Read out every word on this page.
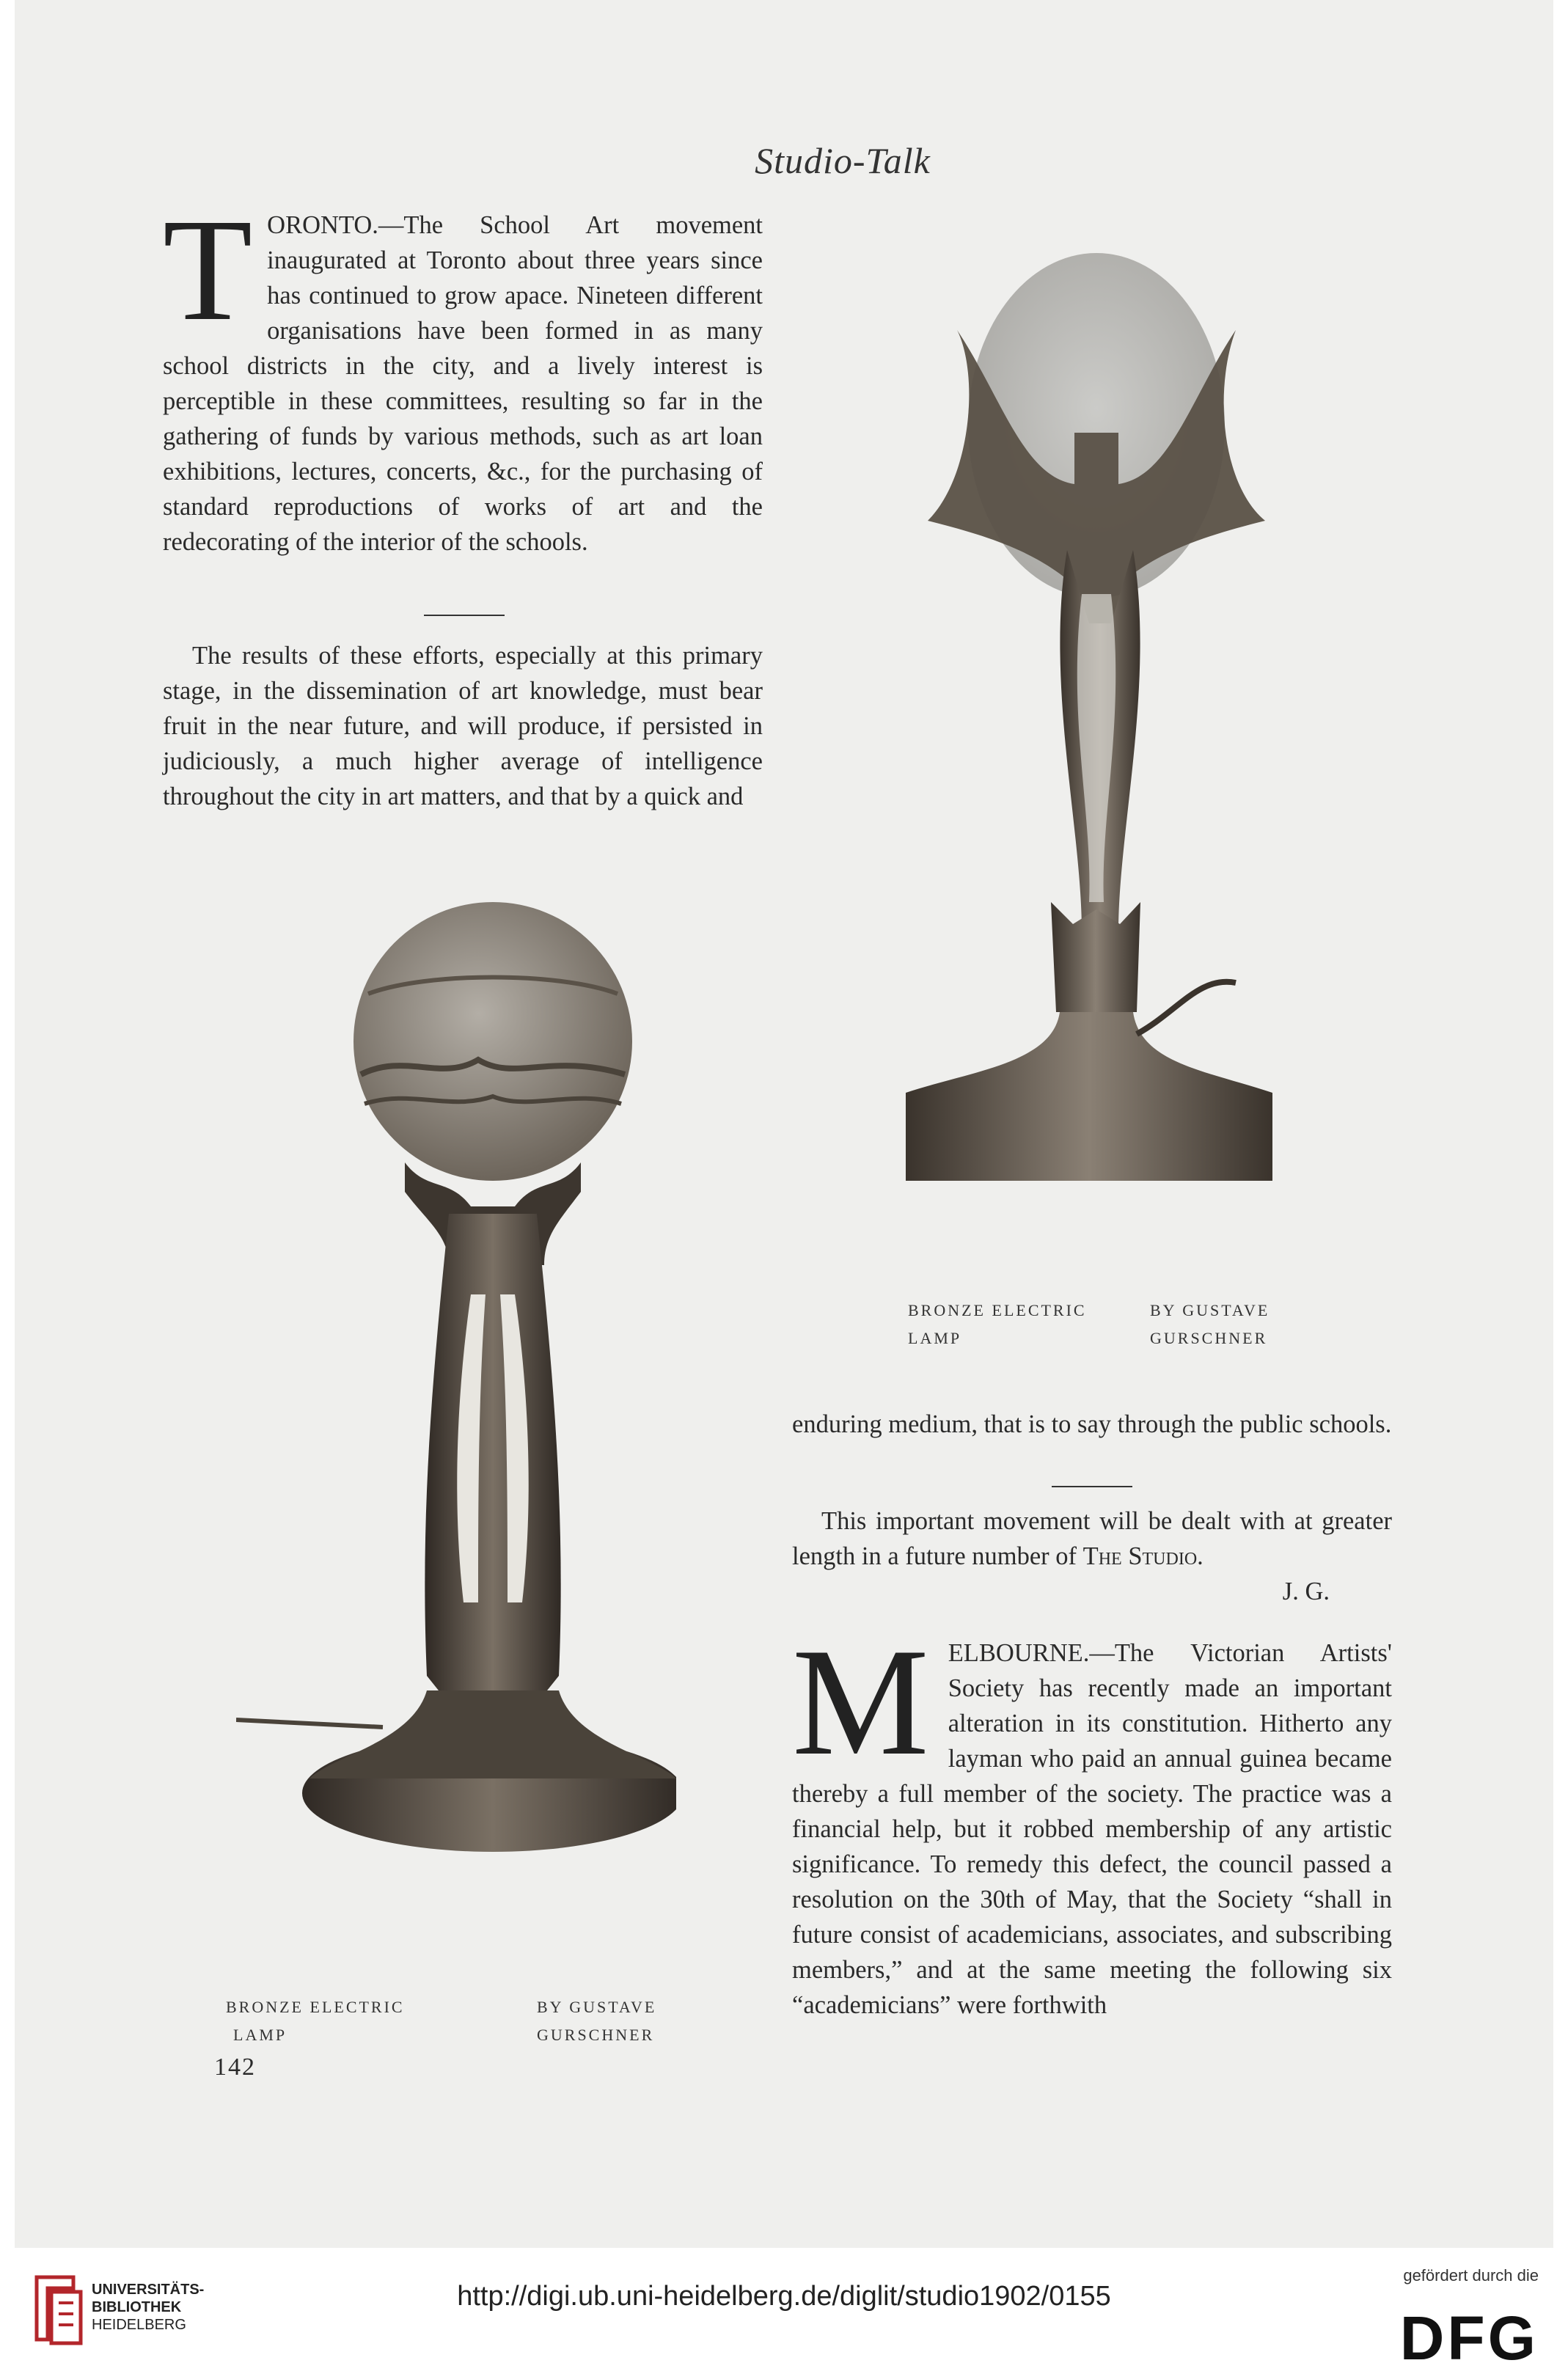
Studio-Talk
T ORONTO.—The School Art movement inaugurated at Toronto about three years since has continued to grow apace. Nineteen different organisations have been formed in as many school districts in the city, and a lively interest is perceptible in these committees, resulting so far in the gathering of funds by various methods, such as art loan exhibitions, lectures, concerts, &c., for the purchasing of standard reproductions of works of art and the redecorating of the interior of the schools.

The results of these efforts, especially at this primary stage, in the dissemination of art knowledge, must bear fruit in the near future, and will produce, if persisted in judiciously, a much higher average of intelligence throughout the city in art matters, and that by a quick and

BRONZE ELECTRIC	BY GUSTAVE
LAMP	GURSCHNER

enduring medium, that is to say through the public schools.

This important movement will be dealt with at greater length in a future number of The Studio.

J. G.

M ELBOURNE.—The Victorian Artists' Society has recently made an important alteration in its constitution. Hitherto any layman who paid an annual guinea became thereby a full member of the society. The practice was a financial help, but it robbed membership of any artistic significance. To remedy this defect, the council passed a resolution on the 30th of May, that the Society “shall in future consist of academicians, associates, and subscribing members,” and at the same meeting the following six “academicians” were forthwith

BRONZE ELECTRIC	BY GUSTAVE
LAMP	GURSCHNER
142
UNIVERSITÄTS-
BIBLIOTHEK
HEIDELBERG
http://digi.ub.uni-heidelberg.de/diglit/studio1902/0155
gefördert durch die
DFG
